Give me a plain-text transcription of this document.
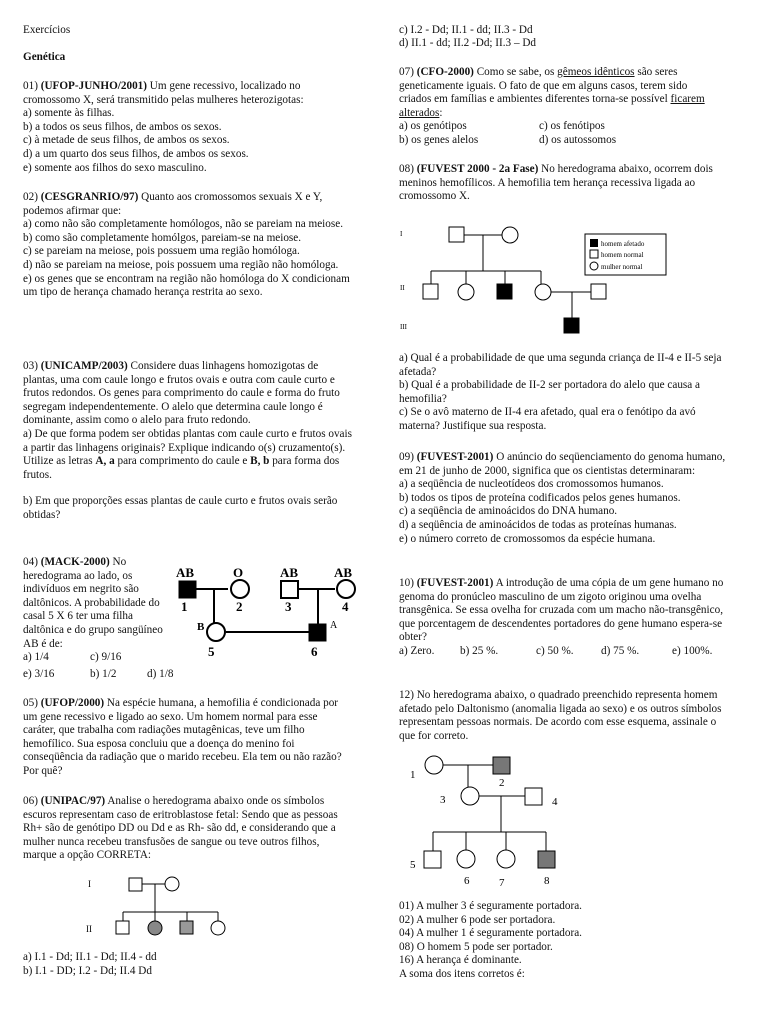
Exercícios

Genética

01) (UFOP-JUNHO/2001) Um gene recessivo, localizado no cromossomo X, será transmitido pelas mulheres heterozigotas:

a) somente às filhas.

b) a todos os seus filhos, de ambos os sexos.

c) à metade de seus filhos, de ambos os sexos.

d) a um quarto dos seus filhos, de ambos os sexos.

e) somente aos filhos do sexo masculino.

02) (CESGRANRIO/97) Quanto aos cromossomos sexuais X e Y, podemos afirmar que:

a) como não são completamente homólogos, não se pareiam na meiose.

b) como são completamente homólgos, pareiam-se na meiose.

c) se pareiam na meiose, pois possuem uma região homóloga.

d) não se pareiam na meiose, pois possuem uma região não homóloga.

e) os genes que se encontram na região não homóloga do X condicionam um tipo de herança chamado herança restrita ao sexo.

03) (UNICAMP/2003) Considere duas linhagens homozigotas de plantas, uma com caule longo e frutos ovais e outra com caule curto e frutos redondos. Os genes para comprimento do caule e forma do fruto segregam independentemente. O alelo que determina caule longo é dominante, assim como o alelo para fruto redondo.

a) De que forma podem ser obtidas plantas com caule curto e frutos ovais a partir das linhagens originais? Explique indicando o(s) cruzamento(s). Utilize as letras A, a para comprimento do caule e B, b para forma dos frutos.

b) Em que proporções essas plantas de caule curto e frutos ovais serão obtidas?

04) (MACK-2000) No heredograma ao lado, os indivíduos em negrito são daltônicos. A probabilidade do casal 5 X 6 ter uma filha daltônica e do grupo sangüíneo AB é de:

a) 1/4	c) 9/16

e) 3/16	b) 1/2	d) 1/8

05) (UFOP/2000) Na espécie humana, a hemofilia é condicionada por um gene recessivo e ligado ao sexo. Um homem normal para esse caráter, que trabalha com radiações mutagênicas, teve um filho hemofílico. Sua esposa concluiu que a doença do menino foi conseqüência da radiação que o marido recebeu. Ela tem ou não razão? Por quê?

06) (UNIPAC/97) Analise o heredograma abaixo onde os símbolos escuros representam caso de eritroblastose fetal: Sendo que as pessoas Rh+ são de genótipo DD ou Dd e as Rh- são dd, e considerando que a mulher nunca recebeu transfusões de sangue ou teve outros filhos, marque a opção CORRETA:

a) I.1 - Dd; II.1 - Dd; II.4 - dd

b) I.1 - DD; I.2 - Dd; II.4 Dd

AB	O	AB	AB
1	2	3	4
5	6
B	A
I
II

c) I.2 - Dd; II.1 - dd; II.3 - Dd

d) II.1 - dd; II.2 -Dd; II.3 – Dd

07) (CFO-2000) Como se sabe, os gêmeos idênticos são seres geneticamente iguais. O fato de que em alguns casos, terem sido criados em famílias e ambientes diferentes torna-se possível ficarem alterados:

a) os genótipos	c) os fenótipos

b) os genes alelos	d) os autossomos

08) (FUVEST 2000 - 2a Fase) No heredograma abaixo, ocorrem dois meninos hemofílicos. A hemofilia tem herança recessiva ligada ao cromossomo X.

a) Qual é a probabilidade de que uma segunda criança de II-4 e II-5 seja afetada?

b) Qual é a probabilidade de II-2 ser portadora do alelo que causa a hemofilia?

c) Se o avô materno de II-4 era afetado, qual era o fenótipo da avó materna? Justifique sua resposta.

09) (FUVEST-2001) O anúncio do seqüenciamento do genoma humano, em 21 de junho de 2000, significa que os cientistas determinaram:

a) a seqüência de nucleotídeos dos cromossomos humanos.

b) todos os tipos de proteína codificados pelos genes humanos.

c) a seqüência de aminoácidos do DNA humano.

d) a seqüência de aminoácidos de todas as proteínas humanas.

e) o número correto de cromossomos da espécie humana.

10) (FUVEST-2001) A introdução de uma cópia de um gene humano no genoma do pronúcleo masculino de um zigoto originou uma ovelha transgênica. Se essa ovelha for cruzada com um macho não-transgênico, que porcentagem de descendentes portadores do gene humano espera-se obter?

a) Zero. b) 25 %.	c) 50 %. d) 75 %.	e) 100%.

12) No heredograma abaixo, o quadrado preenchido representa homem afetado pelo Daltonismo (anomalia ligada ao sexo) e os outros símbolos representam pessoas normais. De acordo com esse esquema, assinale o que for correto.

01) A mulher 3 é seguramente portadora.

02) A mulher 6 pode ser portadora.

04) A mulher 1 é seguramente portadora.

08) O homem 5 pode ser portador.

16) A herança é dominante.

A soma dos itens corretos é:

I
II
III
homem afetado
homem normal
mulher normal
1
2
3	4
5
6	7	8
